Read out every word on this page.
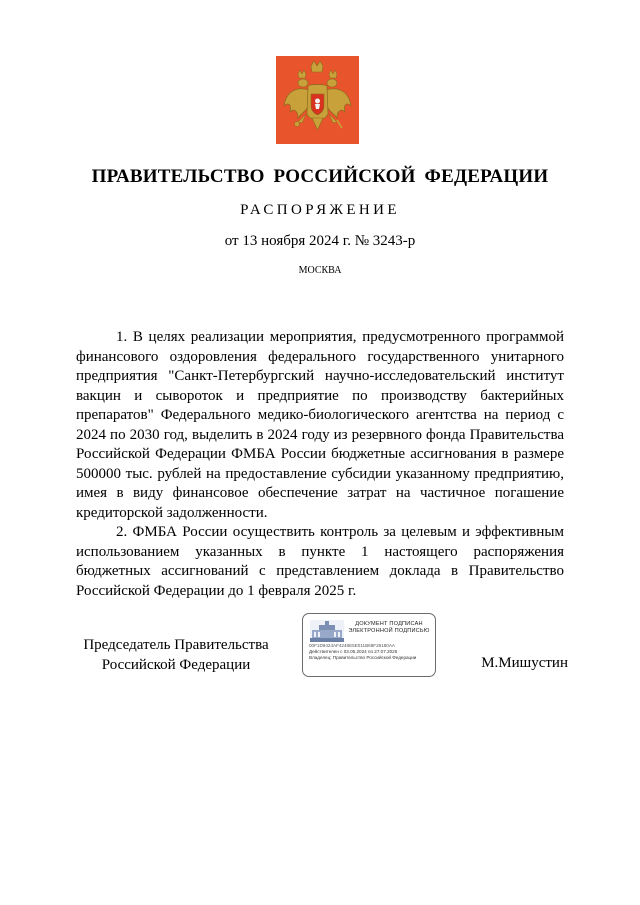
ПРАВИТЕЛЬСТВО РОССИЙСКОЙ ФЕДЕРАЦИИ
РАСПОРЯЖЕНИЕ
от 13 ноября 2024 г. № 3243-р
МОСКВА

1. В целях реализации мероприятия, предусмотренного программой финансового оздоровления федерального государственного унитарного предприятия "Санкт-Петербургский научно-исследовательский институт вакцин и сывороток и предприятие по производству бактерийных препаратов" Федерального медико-биологического агентства на период с 2024 по 2030 год, выделить в 2024 году из резервного фонда Правительства Российской Федерации ФМБА России бюджетные ассигнования в размере 500000 тыс. рублей на предоставление субсидии указанному предприятию, имея в виду финансовое обеспечение затрат на частичное погашение кредиторской задолженности.

2. ФМБА России осуществить контроль за целевым и эффективным использованием указанных в пункте 1 настоящего распоряжения бюджетных ассигнований с представлением доклада в Правительство Российской Федерации до 1 февраля 2025 г.

Председатель Правительства
Российской Федерации
ДОКУМЕНТ ПОДПИСАН
ЭЛЕКТРОННОЙ ПОДПИСЬЮ
00F1D9424AF4248E5E011B68F26180AA
Действителен с 03.05.2024 по 27.07.2025
Владелец: Правительство Российской Федерации	М.Мишустин
